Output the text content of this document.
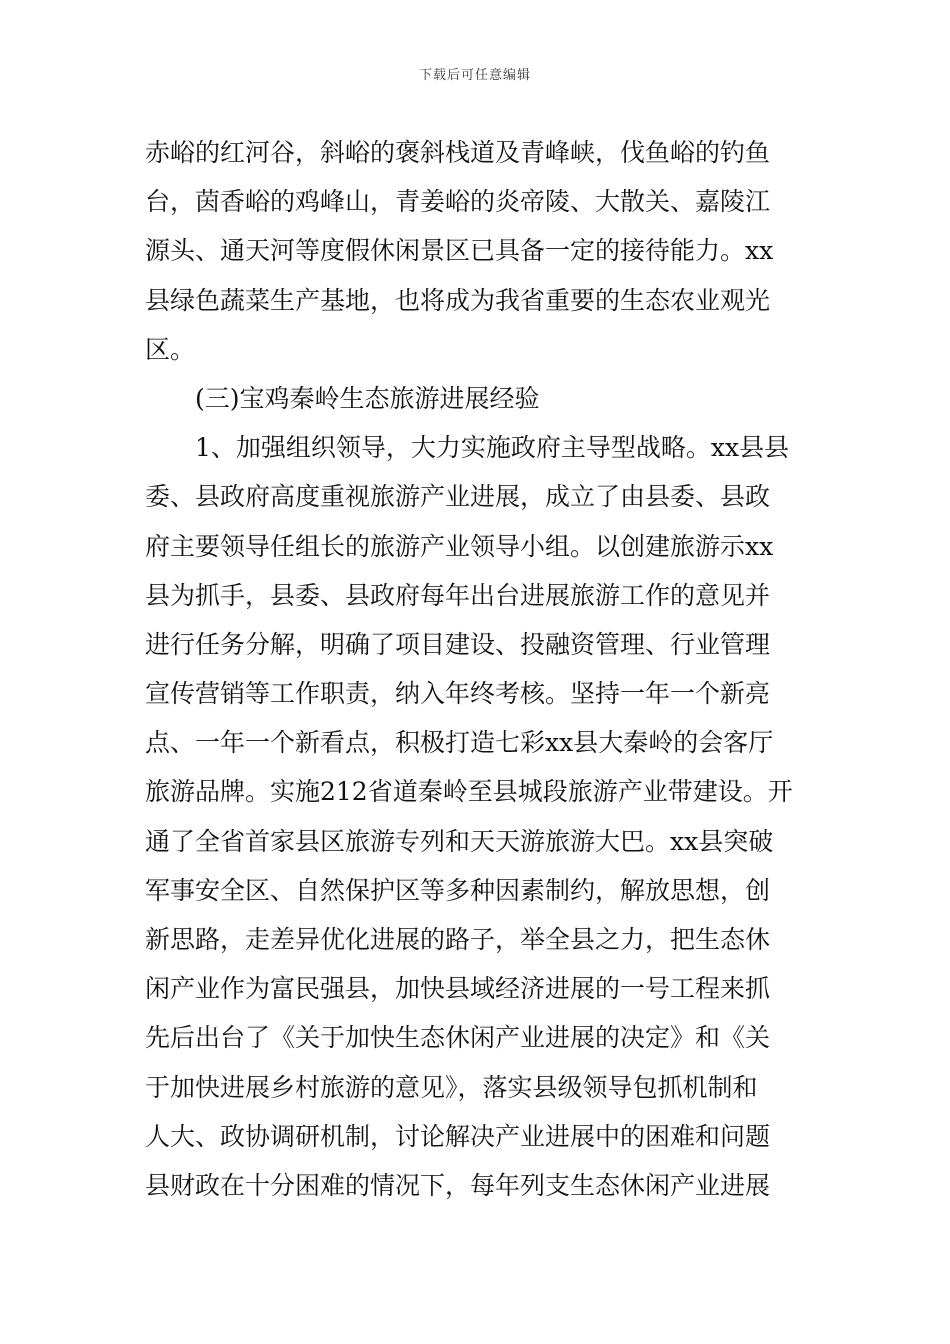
下载后可任意编辑
赤峪的红河谷，斜峪的褒斜栈道及青峰峡，伐鱼峪的钓鱼
台，茵香峪的鸡峰山，青姜峪的炎帝陵、大散关、嘉陵江
源头、通天河等度假休闲景区已具备一定的接待能力。xx
县绿色蔬菜生产基地，也将成为我省重要的生态农业观光
区。
(三)宝鸡秦岭生态旅游进展经验
1、加强组织领导，大力实施政府主导型战略。xx县县
委、县政府高度重视旅游产业进展，成立了由县委、县政
府主要领导任组长的旅游产业领导小组。以创建旅游示xx
县为抓手，县委、县政府每年出台进展旅游工作的意见并
进行任务分解，明确了项目建设、投融资管理、行业管理
宣传营销等工作职责，纳入年终考核。坚持一年一个新亮
点、一年一个新看点，积极打造七彩xx县大秦岭的会客厅
旅游品牌。实施212省道秦岭至县城段旅游产业带建设。开
通了全省首家县区旅游专列和天天游旅游大巴。xx县突破
军事安全区、自然保护区等多种因素制约，解放思想，创
新思路，走差异优化进展的路子，举全县之力，把生态休
闲产业作为富民强县，加快县域经济进展的一号工程来抓
先后出台了《关于加快生态休闲产业进展的决定》和《关
于加快进展乡村旅游的意见》，落实县级领导包抓机制和
人大、政协调研机制，讨论解决产业进展中的困难和问题
县财政在十分困难的情况下，每年列支生态休闲产业进展
